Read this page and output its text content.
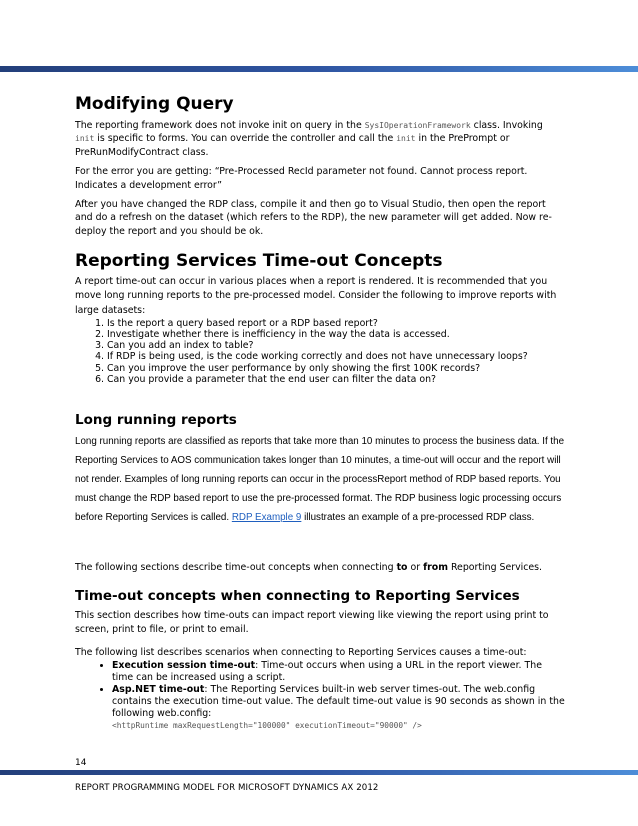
Modifying Query

The reporting framework does not invoke init on query in the SysIOperationFramework class. Invoking init is specific to forms. You can override the controller and call the init in the PrePrompt or PreRunModifyContract class.

For the error you are getting: “Pre-Processed RecId parameter not found. Cannot process report. Indicates a development error”

After you have changed the RDP class, compile it and then go to Visual Studio, then open the report and do a refresh on the dataset (which refers to the RDP), the new parameter will get added. Now re-deploy the report and you should be ok.

Reporting Services Time-out Concepts

A report time-out can occur in various places when a report is rendered. It is recommended that you move long running reports to the pre-processed model. Consider the following to improve reports with large datasets:

1. Is the report a query based report or a RDP based report?
2. Investigate whether there is inefficiency in the way the data is accessed.
3. Can you add an index to table?
4. If RDP is being used, is the code working correctly and does not have unnecessary loops?
5. Can you improve the user performance by only showing the first 100K records?
6. Can you provide a parameter that the end user can filter the data on?
Long running reports

Long running reports are classified as reports that take more than 10 minutes to process the business data. If the Reporting Services to AOS communication takes longer than 10 minutes, a time-out will occur and the report will not render. Examples of long running reports can occur in the processReport method of RDP based reports. You must change the RDP based report to use the pre-processed format. The RDP business logic processing occurs before Reporting Services is called. RDP Example 9 illustrates an example of a pre-processed RDP class.

The following sections describe time-out concepts when connecting to or from Reporting Services.

Time-out concepts when connecting to Reporting Services

This section describes how time-outs can impact report viewing like viewing the report using print to screen, print to file, or print to email.

The following list describes scenarios when connecting to Reporting Services causes a time-out:

• Execution session time-out: Time-out occurs when using a URL in the report viewer. The time can be increased using a script.
• Asp.NET time-out: The Reporting Services built-in web server times-out. The web.config contains the execution time-out value. The default time-out value is 90 seconds as shown in the following web.config:
<httpRuntime maxRequestLength="100000" executionTimeout="90000" />
14
REPORT PROGRAMMING MODEL FOR MICROSOFT DYNAMICS AX 2012
